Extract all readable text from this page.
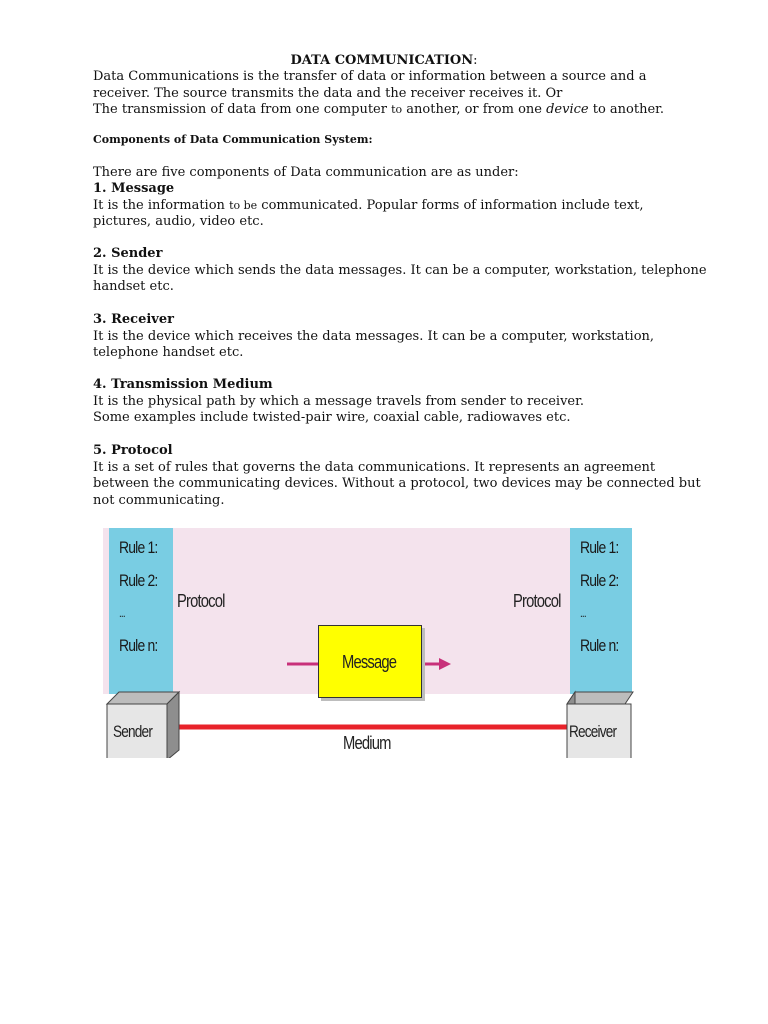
DATA COMMUNICATION:

Data Communications is the transfer of data or information between a source and a
receiver. The source transmits the data and the receiver receives it. Or
The transmission of data from one computer to another, or from one device to another.

Components of Data Communication System:

There are five components of Data communication are as under:

1. Message
It is the information to be communicated. Popular forms of information include text,
pictures, audio, video etc.

2. Sender
It is the device which sends the data messages. It can be a computer, workstation, telephone
handset etc.

3. Receiver
It is the device which receives the data messages. It can be a computer, workstation,
telephone handset etc.

4. Transmission Medium
It is the physical path by which a message travels from sender to receiver.
Some examples include twisted-pair wire, coaxial cable, radiowaves etc.

5. Protocol
It is a set of rules that governs the data communications. It represents an agreement
between the communicating devices. Without a protocol, two devices may be connected but
not communicating.

Rule 1:
Rule 2:
...
Rule n:
Rule 1:
Rule 2:
...
Rule n:
Protocol	Protocol
Message
Sender	Receiver
Medium
